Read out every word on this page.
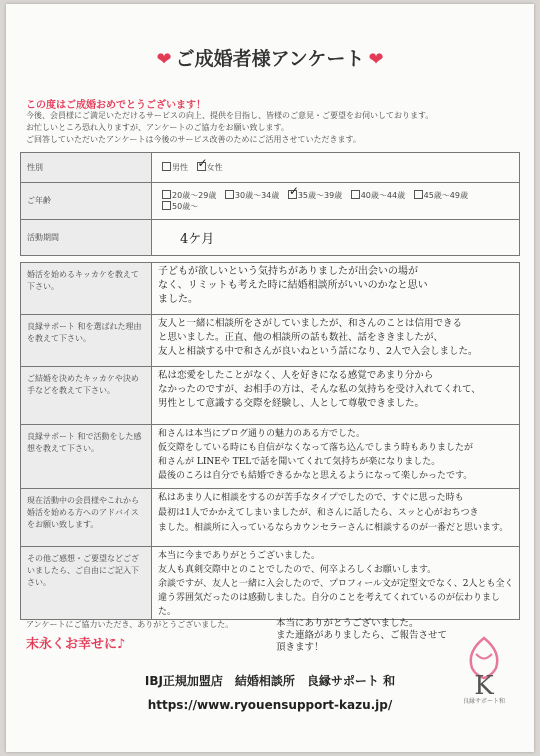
❤ ご成婚者様アンケート ❤
この度はご成婚おめでとうございます！
今後、会員様にご満足いただけるサービスの向上、提供を目指し、皆様のご意見・ご要望をお伺いしております。
お忙しいところ恐れ入りますが、アンケートのご協力をお願い致します。
ご回答していただいたアンケートは今後のサービス改善のためにご活用させていただきます。
性別	男性 ✓
女性
ご年齢	20歳～29歳 30歳～34歳 ✓
35歳～39歳 40歳～44歳 45歳～49歳 50歳～
活動期間	4ケ月
婚活を始めるキッカケを教えて下さい。	子どもが欲しいという気持ちがありましたが出会いの場が
なく、リミットも考えた時に結婚相談所がいいのかなと思い
ました。

良縁サポート 和を選ばれた理由を教えて下さい。	友人と一緒に相談所をさがしていましたが、和さんのことは信用できる
と思いました。正直、他の相談所の話も数社、話をききましたが、
友人と相談する中で和さんが良いねという話になり、2人で入会しました。

ご結婚を決めたキッカケや決め手などを教えて下さい。	私は恋愛をしたことがなく、人を好きになる感覚であまり分から
なかったのですが、お相手の方は、そんな私の気持ちを受け入れてくれて、
男性として意識する交際を経験し、人として尊敬できました。

良縁サポート 和で活動をした感想を教えて下さい。	和さんは本当にブログ通りの魅力のある方でした。
仮交際をしている時にも自信がなくなって落ち込んでしまう時もありましたが
和さんが LINEや TELで話を聞いてくれて気持ちが楽になりました。
最後のころは自分でも結婚できるかなと思えるようになって楽しかったです。

現在活動中の会員様やこれから婚活を始める方へのアドバイスをお願い致します。	私はあまり人に相談をするのが苦手なタイプでしたので、すぐに思った時も
最初は1人でかかえてしまいましたが、和さんに話したら、スッと心がおちつき
ました。相談所に入っているならカウンセラーさんに相談するのが一番だと思います。

その他ご感想・ご要望などございましたら、ご自由にご記入下さい。	本当に今までありがとうございました。
友人も真剣交際中とのことでしたので、何卒よろしくお願いします。
余談ですが、友人と一緒に入会したので、プロフィール文が定型文でなく、2人とも全く
違う雰囲気だったのは感動しました。自分のことを考えてくれているのが伝わりました。
アンケートにご協力いただき、ありがとうございました。
末永くお幸せに♪
本当にありがとうございました。
また連絡がありましたら、ご報告させて
頂きます！
K
良縁サポート和
IBJ正規加盟店　結婚相談所　良縁サポート 和
https://www.ryouensupport-kazu.jp/
